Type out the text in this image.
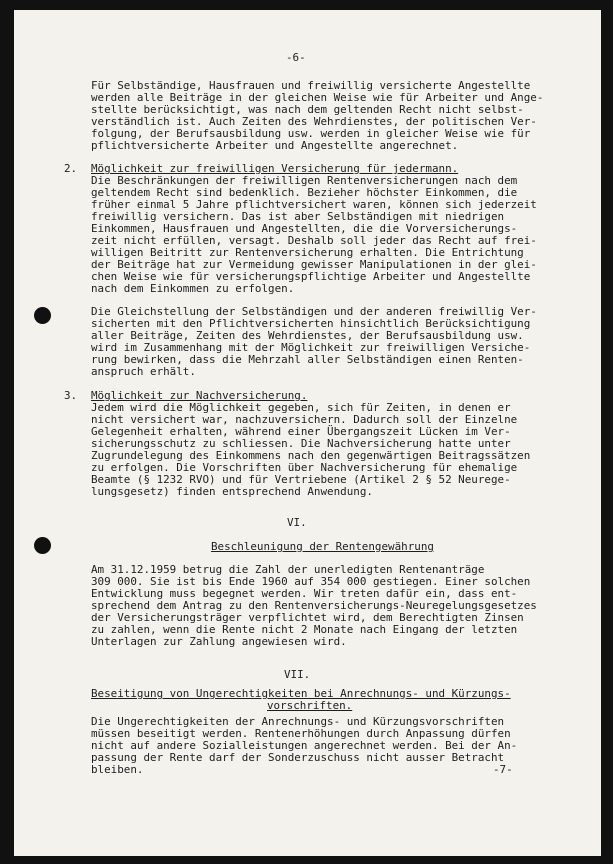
-6-
Für Selbständige, Hausfrauen und freiwillig versicherte Angestellte
werden alle Beiträge in der gleichen Weise wie für Arbeiter und Ange-
stellte berücksichtigt, was nach dem geltenden Recht nicht selbst-
verständlich ist. Auch Zeiten des Wehrdienstes, der politischen Ver-
folgung, der Berufsausbildung usw. werden in gleicher Weise wie für
pflichtversicherte Arbeiter und Angestellte angerechnet.
2. Möglichkeit zur freiwilligen Versicherung für jedermann.
Die Beschränkungen der freiwilligen Rentenversicherungen nach dem
geltendem Recht sind bedenklich. Bezieher höchster Einkommen, die
früher einmal 5 Jahre pflichtversichert waren, können sich jederzeit
freiwillig versichern. Das ist aber Selbständigen mit niedrigen
Einkommen, Hausfrauen und Angestellten, die die Vorversicherungs-
zeit nicht erfüllen, versagt. Deshalb soll jeder das Recht auf frei-
willigen Beitritt zur Rentenversicherung erhalten. Die Entrichtung
der Beiträge hat zur Vermeidung gewisser Manipulationen in der glei-
chen Weise wie für versicherungspflichtige Arbeiter und Angestellte
nach dem Einkommen zu erfolgen.
Die Gleichstellung der Selbständigen und der anderen freiwillig Ver-
sicherten mit den Pflichtversicherten hinsichtlich Berücksichtigung
aller Beiträge, Zeiten des Wehrdienstes, der Berufsausbildung usw.
wird im Zusammenhang mit der Möglichkeit zur freiwilligen Versiche-
rung bewirken, dass die Mehrzahl aller Selbständigen einen Renten-
anspruch erhält.
3. Möglichkeit zur Nachversicherung.
Jedem wird die Möglichkeit gegeben, sich für Zeiten, in denen er
nicht versichert war, nachzuversichern. Dadurch soll der Einzelne
Gelegenheit erhalten, während einer Übergangszeit Lücken im Ver-
sicherungsschutz zu schliessen. Die Nachversicherung hatte unter
Zugrundelegung des Einkommens nach den gegenwärtigen Beitragssätzen
zu erfolgen. Die Vorschriften über Nachversicherung für ehemalige
Beamte (§ 1232 RVO) und für Vertriebene (Artikel 2 § 52 Neurege-
lungsgesetz) finden entsprechend Anwendung.
VI.
Beschleunigung der Rentengewährung
Am 31.12.1959 betrug die Zahl der unerledigten Rentenanträge
309 000. Sie ist bis Ende 1960 auf 354 000 gestiegen. Einer solchen
Entwicklung muss begegnet werden. Wir treten dafür ein, dass ent-
sprechend dem Antrag zu den Rentenversicherungs-Neuregelungsgesetzes
der Versicherungsträger verpflichtet wird, dem Berechtigten Zinsen
zu zahlen, wenn die Rente nicht 2 Monate nach Eingang der letzten
Unterlagen zur Zahlung angewiesen wird.
VII.
Beseitigung von Ungerechtigkeiten bei Anrechnungs- und Kürzungs-
vorschriften.
Die Ungerechtigkeiten der Anrechnungs- und Kürzungsvorschriften
müssen beseitigt werden. Rentenerhöhungen durch Anpassung dürfen
nicht auf andere Sozialleistungen angerechnet werden. Bei der An-
passung der Rente darf der Sonderzuschuss nicht ausser Betracht
bleiben.	-7-
